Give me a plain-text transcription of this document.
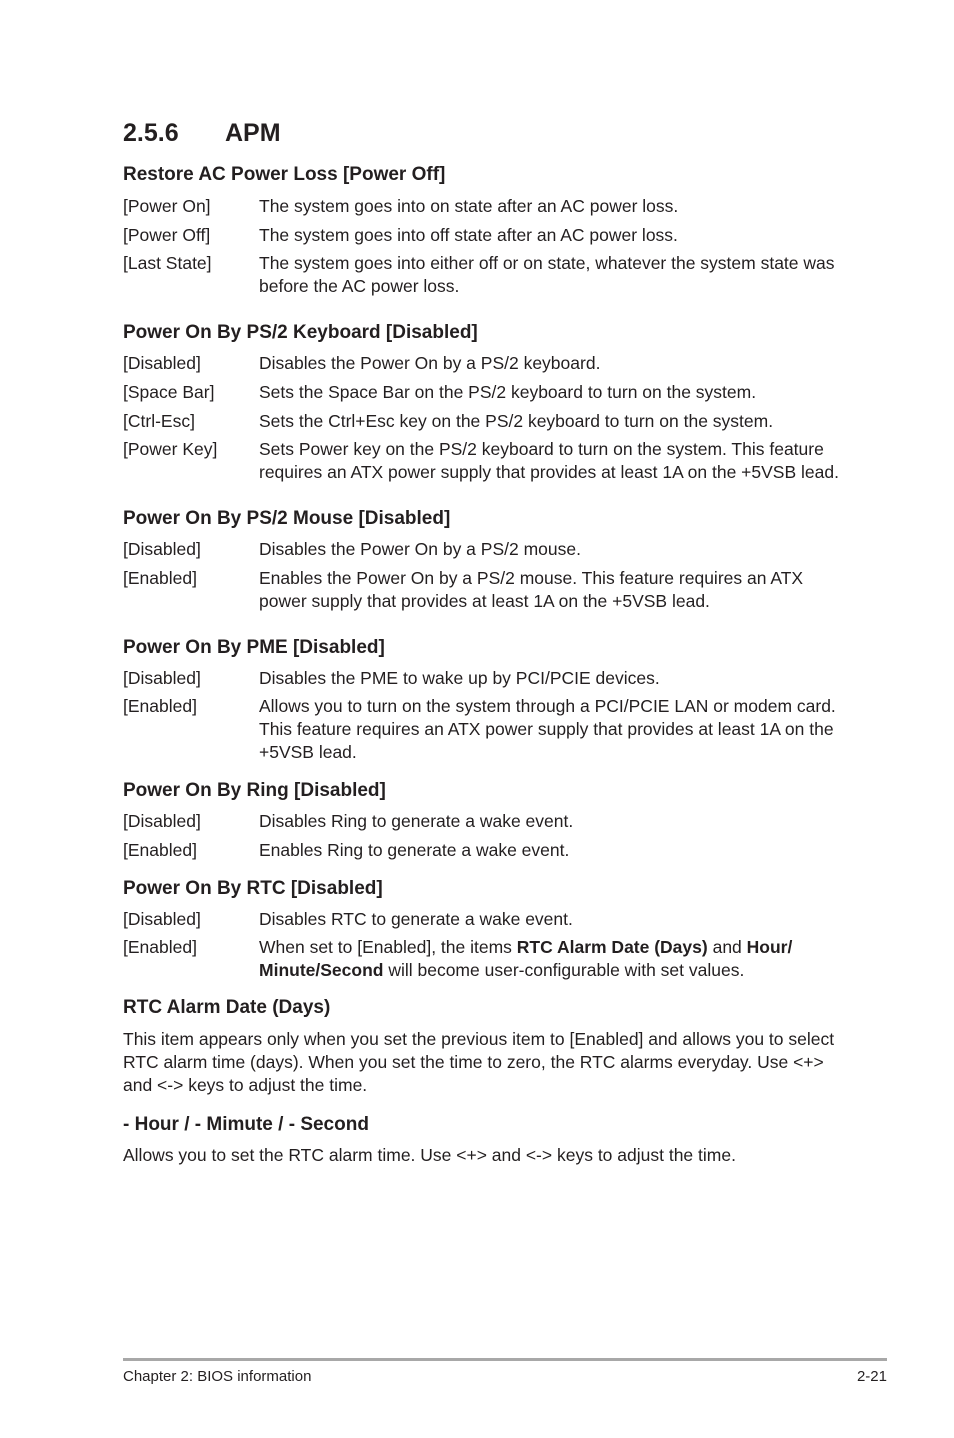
2.5.6 APM
Restore AC Power Loss [Power Off]

[Power On]	The system goes into on state after an AC power loss.

[Power Off]	The system goes into off state after an AC power loss.

[Last State]	The system goes into either off or on state, whatever the system state was before the AC power loss.

Power On By PS/2 Keyboard [Disabled]

[Disabled]	Disables the Power On by a PS/2 keyboard.

[Space Bar]	Sets the Space Bar on the PS/2 keyboard to turn on the system.

[Ctrl-Esc]	Sets the Ctrl+Esc key on the PS/2 keyboard to turn on the system.

[Power Key]	Sets Power key on the PS/2 keyboard to turn on the system. This feature requires an ATX power supply that provides at least 1A on the +5VSB lead.

Power On By PS/2 Mouse [Disabled]

[Disabled]	Disables the Power On by a PS/2 mouse.

[Enabled]	Enables the Power On by a PS/2 mouse. This feature requires an ATX power supply that provides at least 1A on the +5VSB lead.

Power On By PME [Disabled]

[Disabled]	Disables the PME to wake up by PCI/PCIE devices.

[Enabled]	Allows you to turn on the system through a PCI/PCIE LAN or modem card. This feature requires an ATX power supply that provides at least 1A on the +5VSB lead.

Power On By Ring [Disabled]

[Disabled]	Disables Ring to generate a wake event.

[Enabled]	Enables Ring to generate a wake event.

Power On By RTC [Disabled]

[Disabled]	Disables RTC to generate a wake event.

[Enabled]	When set to [Enabled], the items RTC Alarm Date (Days) and Hour/ Minute/Second will become user-configurable with set values.

RTC Alarm Date (Days)

This item appears only when you set the previous item to [Enabled] and allows you to select RTC alarm time (days). When you set the time to zero, the RTC alarms everyday. Use <+> and <-> keys to adjust the time.

- Hour / - Mimute / - Second

Allows you to set the RTC alarm time. Use <+> and <-> keys to adjust the time.

Chapter 2: BIOS information	2-21
